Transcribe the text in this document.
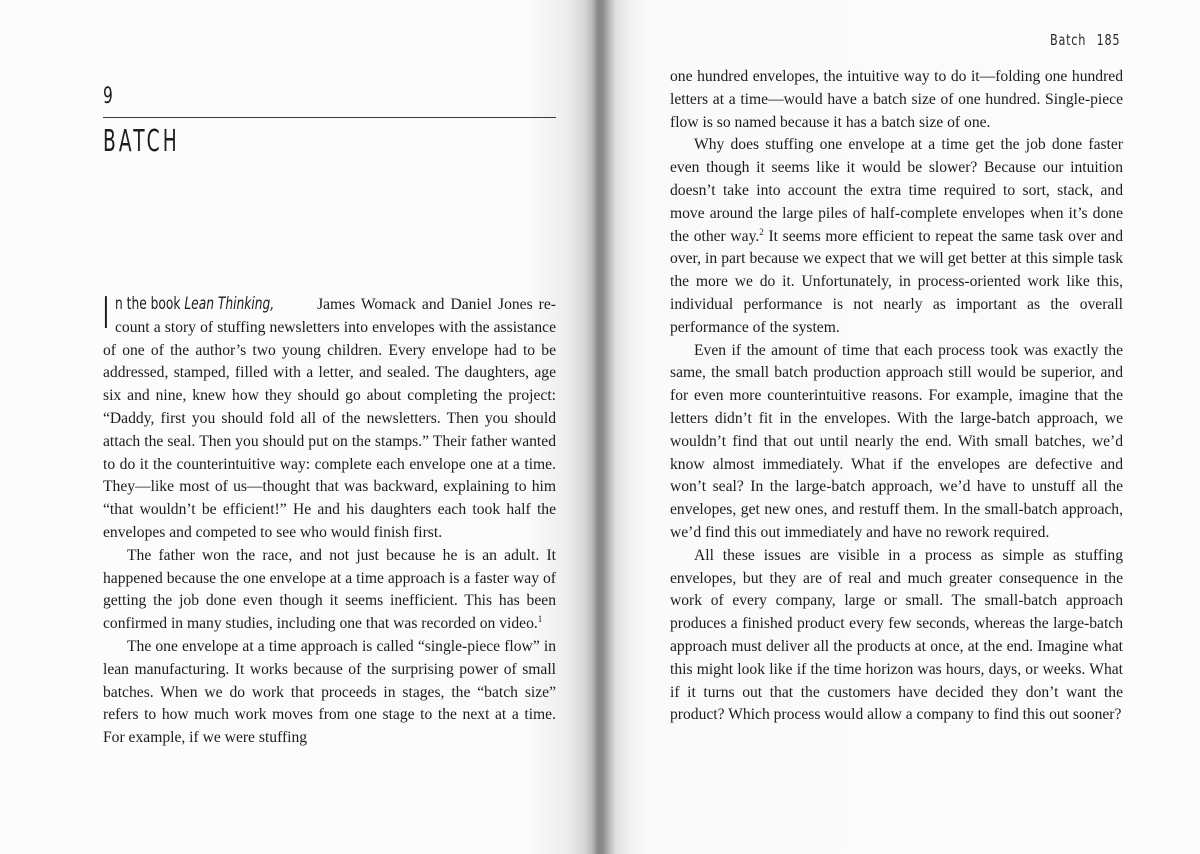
9
BATCH

I n the book Lean Thinking, James Womack and Daniel Jones recount a story of stuffing newsletters into envelopes with the assistance of one of the author’s two young children. Every envelope had to be addressed, stamped, filled with a letter, and sealed. The daughters, age six and nine, knew how they should go about completing the project: “Daddy, first you should fold all of the newsletters. Then you should attach the seal. Then you should put on the stamps.” Their father wanted to do it the counterintuitive way: complete each envelope one at a time. They—like most of us—thought that was backward, explaining to him “that wouldn’t be efficient!” He and his daughters each took half the envelopes and competed to see who would finish first.

The father won the race, and not just because he is an adult. It happened because the one envelope at a time approach is a faster way of getting the job done even though it seems inefficient. This has been confirmed in many studies, including one that was recorded on video.$^1$

The one envelope at a time approach is called “single-piece flow” in lean manufacturing. It works because of the surprising power of small batches. When we do work that proceeds in stages, the “batch size” refers to how much work moves from one stage to the next at a time. For example, if we were stuffing

Batch 185

one hundred envelopes, the intuitive way to do it—folding one hundred letters at a time—would have a batch size of one hundred. Single-piece flow is so named because it has a batch size of one.

Why does stuffing one envelope at a time get the job done faster even though it seems like it would be slower? Because our intuition doesn’t take into account the extra time required to sort, stack, and move around the large piles of half-complete envelopes when it’s done the other way.$^2$ It seems more efficient to repeat the same task over and over, in part because we expect that we will get better at this simple task the more we do it. Unfortunately, in process-oriented work like this, individual performance is not nearly as important as the overall performance of the system.

Even if the amount of time that each process took was exactly the same, the small batch production approach still would be superior, and for even more counterintuitive reasons. For example, imagine that the letters didn’t fit in the envelopes. With the large-batch approach, we wouldn’t find that out until nearly the end. With small batches, we’d know almost immediately. What if the envelopes are defective and won’t seal? In the large-batch approach, we’d have to unstuff all the envelopes, get new ones, and restuff them. In the small-batch approach, we’d find this out immediately and have no rework required.

All these issues are visible in a process as simple as stuffing envelopes, but they are of real and much greater consequence in the work of every company, large or small. The small-batch approach produces a finished product every few seconds, whereas the large-batch approach must deliver all the products at once, at the end. Imagine what this might look like if the time horizon was hours, days, or weeks. What if it turns out that the customers have decided they don’t want the product? Which process would allow a company to find this out sooner?
